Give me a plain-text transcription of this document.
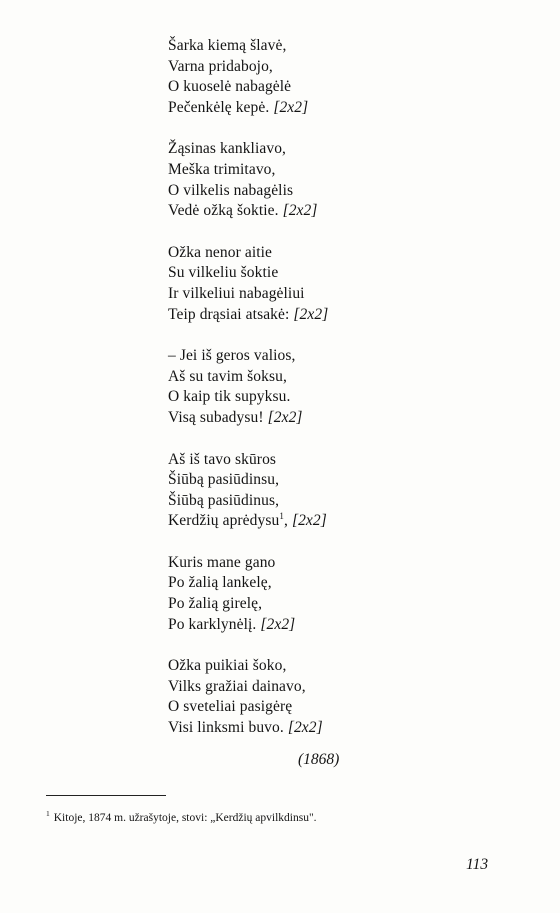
Šarka kiemą šlavė,
Varna pridabojo,
O kuoselė nabagėlė
Pečenkėlę kepė. [2x2]
Žąsinas kankliavo,
Meška trimitavo,
O vilkelis nabagėlis
Vedė ožką šoktie. [2x2]
Ožka nenor aitie
Su vilkeliu šoktie
Ir vilkeliui nabagėliui
Teip drąsiai atsakė: [2x2]
– Jei iš geros valios,
Aš su tavim šoksu,
O kaip tik supyksu.
Visą subadysu! [2x2]
Aš iš tavo skūros
Šiūbą pasiūdinsu,
Šiūbą pasiūdinus,
Kerdžių aprėdysu$^1$, [2x2]
Kuris mane gano
Po žalią lankelę,
Po žalią girelę,
Po karklynėlį. [2x2]
Ožka puikiai šoko,
Vilks gražiai dainavo,
O sveteliai pasigėrę
Visi linksmi buvo. [2x2]
(1868)
$^1$ Kitoje, 1874 m. užrašytoje, stovi: „Kerdžių apvilkdinsu".
113
